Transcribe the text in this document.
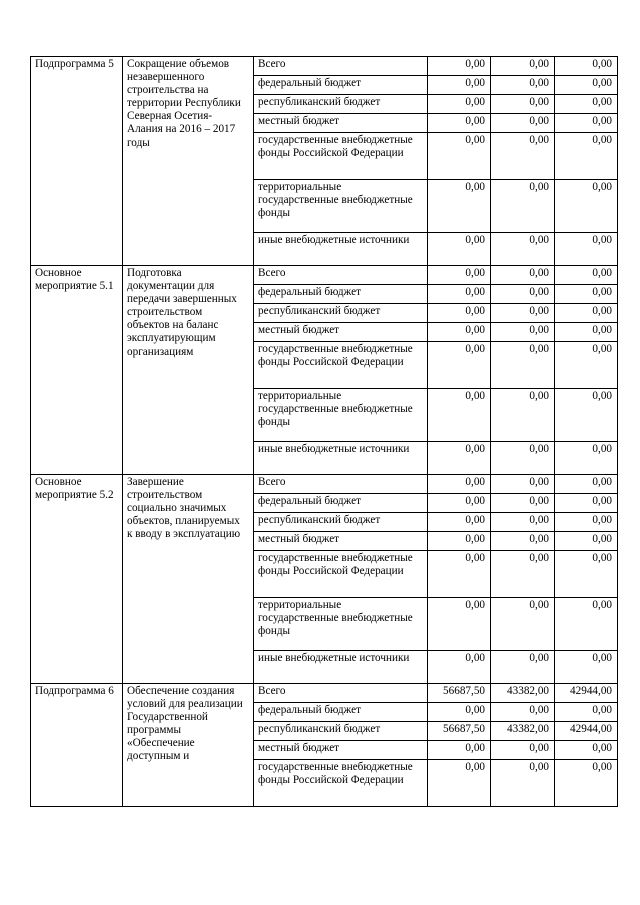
Подпрограмма 5	Сокращение объемов незавершенного строительства на территории Республики Северная Осетия-Алания на 2016 – 2017 годы	Всего	0,00	0,00	0,00
		федеральный бюджет	0,00	0,00	0,00
		республиканский бюджет	0,00	0,00	0,00
		местный бюджет	0,00	0,00	0,00
		государственные внебюджетные фонды Российской Федерации	0,00	0,00	0,00
		территориальные государственные внебюджетные фонды	0,00	0,00	0,00
		иные внебюджетные источники	0,00	0,00	0,00
Основное мероприятие 5.1	Подготовка документации для передачи завершенных строительством объектов на баланс эксплуатирующим организациям	Всего	0,00	0,00	0,00
		федеральный бюджет	0,00	0,00	0,00
		республиканский бюджет	0,00	0,00	0,00
		местный бюджет	0,00	0,00	0,00
		государственные внебюджетные фонды Российской Федерации	0,00	0,00	0,00
		территориальные государственные внебюджетные фонды	0,00	0,00	0,00
		иные внебюджетные источники	0,00	0,00	0,00
Основное мероприятие 5.2	Завершение строительством социально значимых объектов, планируемых к вводу в эксплуатацию	Всего	0,00	0,00	0,00
		федеральный бюджет	0,00	0,00	0,00
		республиканский бюджет	0,00	0,00	0,00
		местный бюджет	0,00	0,00	0,00
		государственные внебюджетные фонды Российской Федерации	0,00	0,00	0,00
		территориальные государственные внебюджетные фонды	0,00	0,00	0,00
		иные внебюджетные источники	0,00	0,00	0,00
Подпрограмма 6	Обеспечение создания условий для реализации Государственной программы «Обеспечение доступным и	Всего	56687,50	43382,00	42944,00
		федеральный бюджет	0,00	0,00	0,00
		республиканский бюджет	56687,50	43382,00	42944,00
		местный бюджет	0,00	0,00	0,00
		государственные внебюджетные фонды Российской Федерации	0,00	0,00	0,00
